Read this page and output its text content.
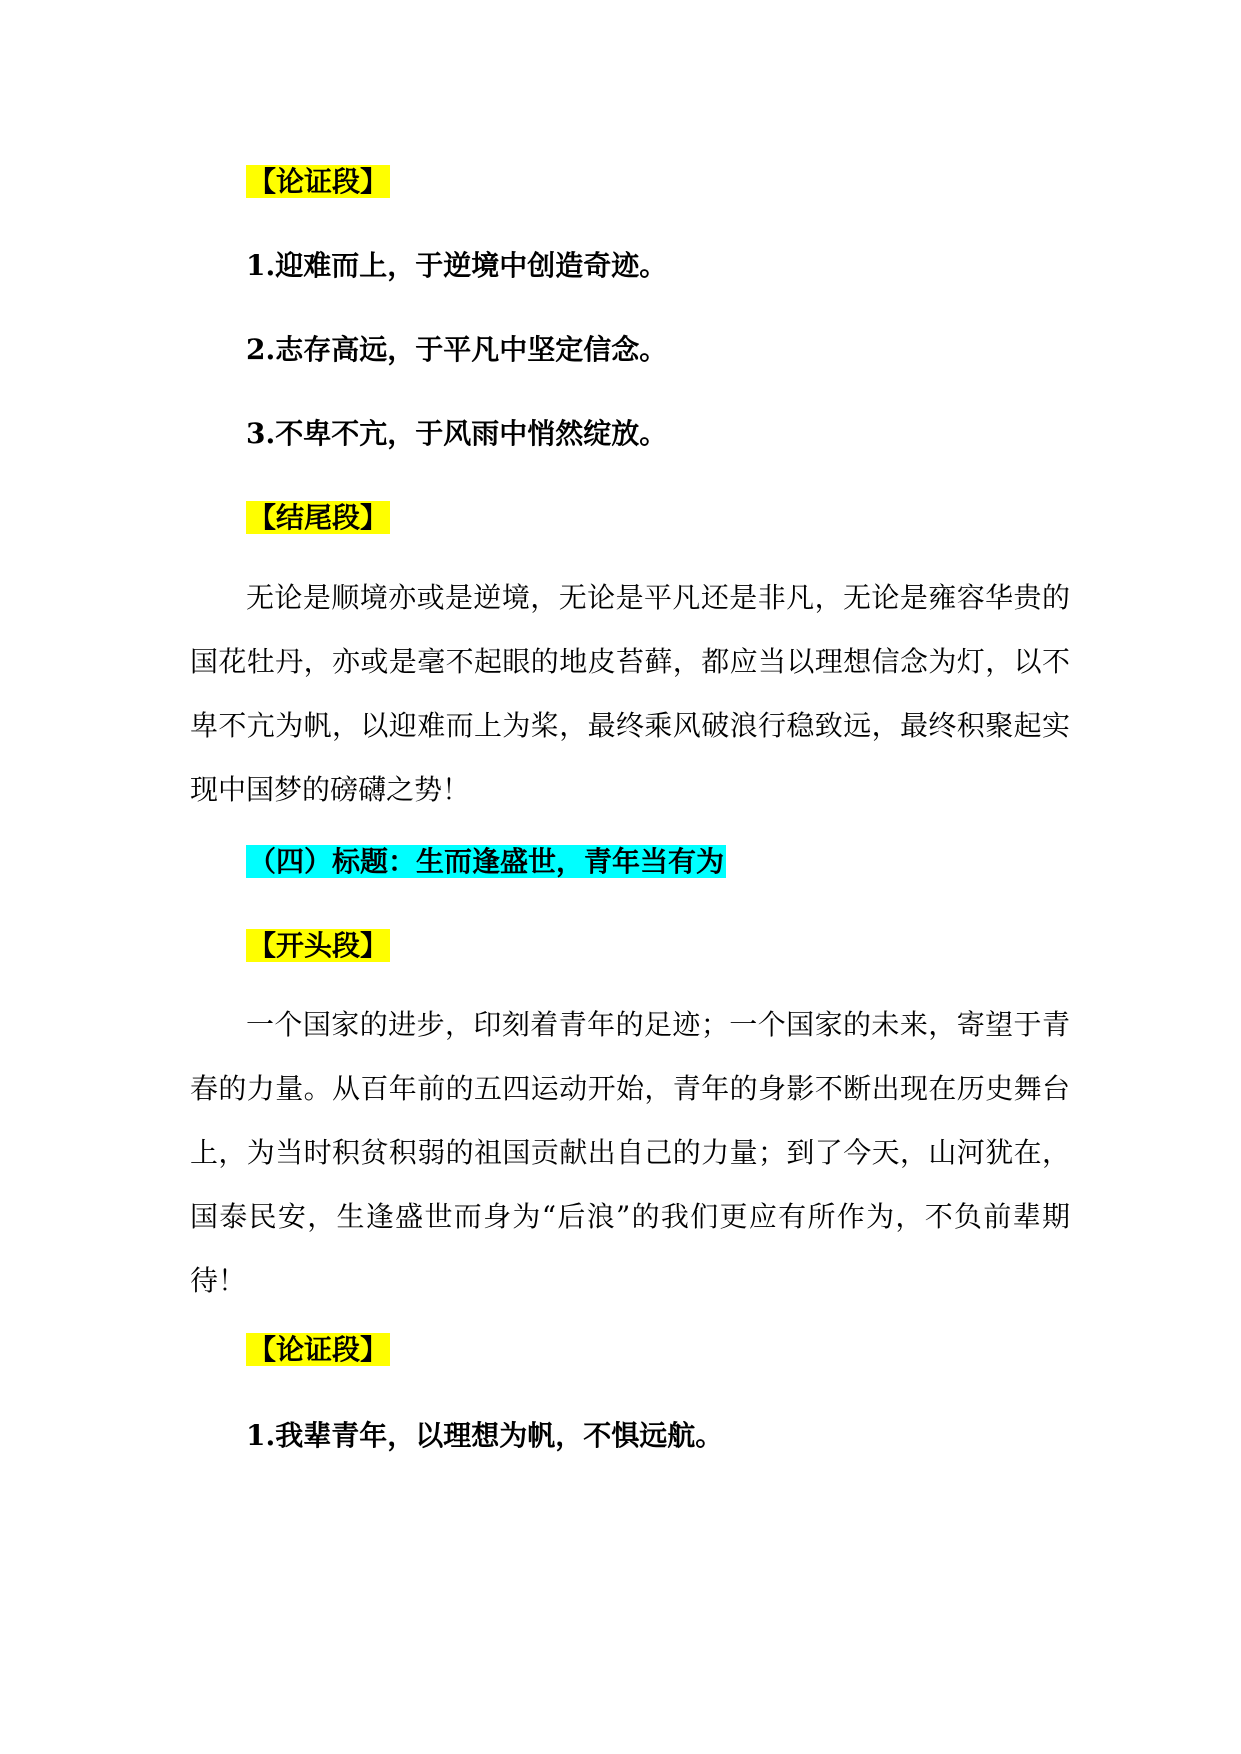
【论证段】
1.迎难而上，于逆境中创造奇迹。
2.志存高远，于平凡中坚定信念。
3.不卑不亢，于风雨中悄然绽放。
【结尾段】
无论是顺境亦或是逆境，无论是平凡还是非凡，无论是雍容华贵的国花牡丹，亦或是毫不起眼的地皮苔藓，都应当以理想信念为灯，以不卑不亢为帆，以迎难而上为桨，最终乘风破浪行稳致远，最终积聚起实现中国梦的磅礴之势！
（四）标题：生而逢盛世，青年当有为
【开头段】
一个国家的进步，印刻着青年的足迹；一个国家的未来，寄望于青春的力量。从百年前的五四运动开始，青年的身影不断出现在历史舞台上，为当时积贫积弱的祖国贡献出自己的力量；到了今天，山河犹在，国泰民安，生逢盛世而身为“后浪”的我们更应有所作为，不负前辈期待！
【论证段】
1.我辈青年，以理想为帆，不惧远航。
